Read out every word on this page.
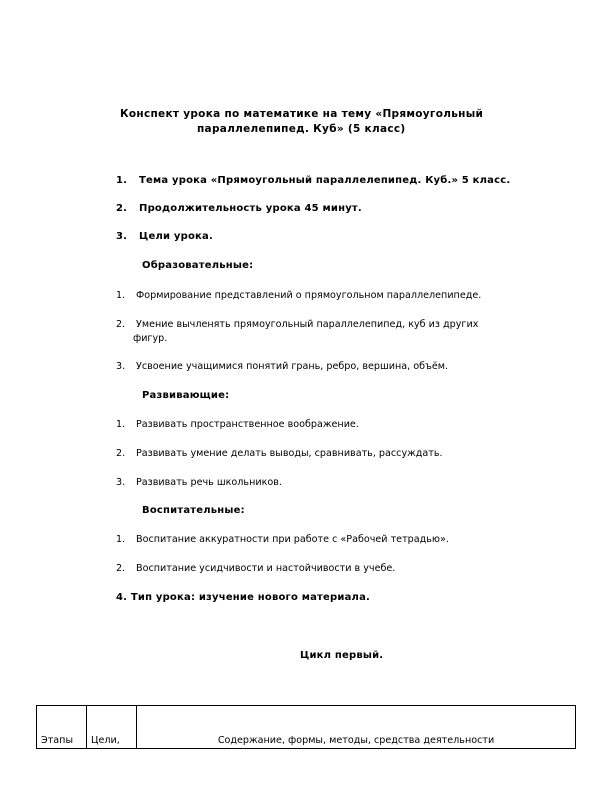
Конспект урока по математике на тему «Прямоугольный
параллелепипед. Куб» (5 класс)
1. Тема урока «Прямоугольный параллелепипед. Куб.» 5 класс.
2. Продолжительность урока 45 минут.
3. Цели урока.
Образовательные:
1. Формирование представлений о прямоугольном параллелепипеде.
2. Умение вычленять прямоугольный параллелепипед, куб из других
фигур.
3. Усвоение учащимися понятий грань, ребро, вершина, объём.
Развивающие:
1. Развивать пространственное воображение.
2. Развивать умение делать выводы, сравнивать, рассуждать.
3. Развивать речь школьников.
Воспитательные:
1. Воспитание аккуратности при работе с «Рабочей тетрадью».
2. Воспитание усидчивости и настойчивости в учебе.
4. Тип урока: изучение нового материала.
Цикл первый.
Этапы	Цели,	Содержание, формы, методы, средства деятельности
